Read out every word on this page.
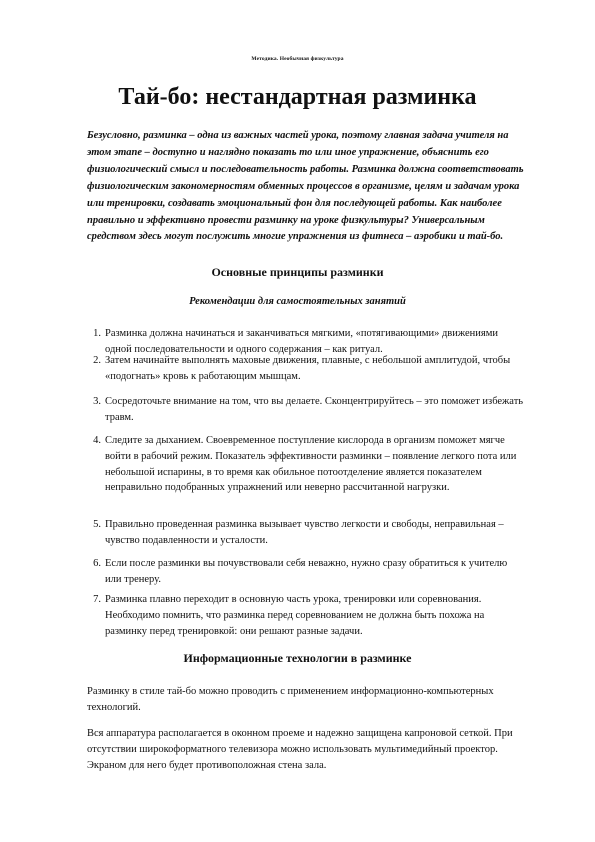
Методика. Необычная физкультура
Тай-бо: нестандартная разминка

Безусловно, разминка – одна из важных частей урока, поэтому главная задача учителя на этом этапе – доступно и наглядно показать то или иное упражнение, объяснить его физиологический смысл и последовательность работы. Разминка должна соответствовать физиологическим закономерностям обменных процессов в организме, целям и задачам урока или тренировки, создавать эмоциональный фон для последующей работы. Как наиболее правильно и эффективно провести разминку на уроке физкультуры? Универсальным средством здесь могут послужить многие упражнения из фитнеса – аэробики и тай-бо.

Основные принципы разминки
Рекомендации для самостоятельных занятий
1. Разминка должна начинаться и заканчиваться мягкими, «потягивающими» движениями одной последовательности и одного содержания – как ритуал.
2. Затем начинайте выполнять маховые движения, плавные, с небольшой амплитудой, чтобы «подогнать» кровь к работающим мышцам.
3. Сосредоточьте внимание на том, что вы делаете. Сконцентрируйтесь – это поможет избежать травм.
4. Следите за дыханием. Своевременное поступление кислорода в организм поможет мягче войти в рабочий режим. Показатель эффективности разминки – появление легкого пота или небольшой испарины, в то время как обильное потоотделение является показателем неправильно подобранных упражнений или неверно рассчитанной нагрузки.
5. Правильно проведенная разминка вызывает чувство легкости и свободы, неправильная – чувство подавленности и усталости.
6. Если после разминки вы почувствовали себя неважно, нужно сразу обратиться к учителю или тренеру.
7. Разминка плавно переходит в основную часть урока, тренировки или соревнования. Необходимо помнить, что разминка перед соревнованием не должна быть похожа на разминку перед тренировкой: они решают разные задачи.
Информационные технологии в разминке

Разминку в стиле тай-бо можно проводить с применением информационно-компьютерных технологий.

Вся аппаратура располагается в оконном проеме и надежно защищена капроновой сеткой. При отсутствии широкоформатного телевизора можно использовать мультимедийный проектор. Экраном для него будет противоположная стена зала.
